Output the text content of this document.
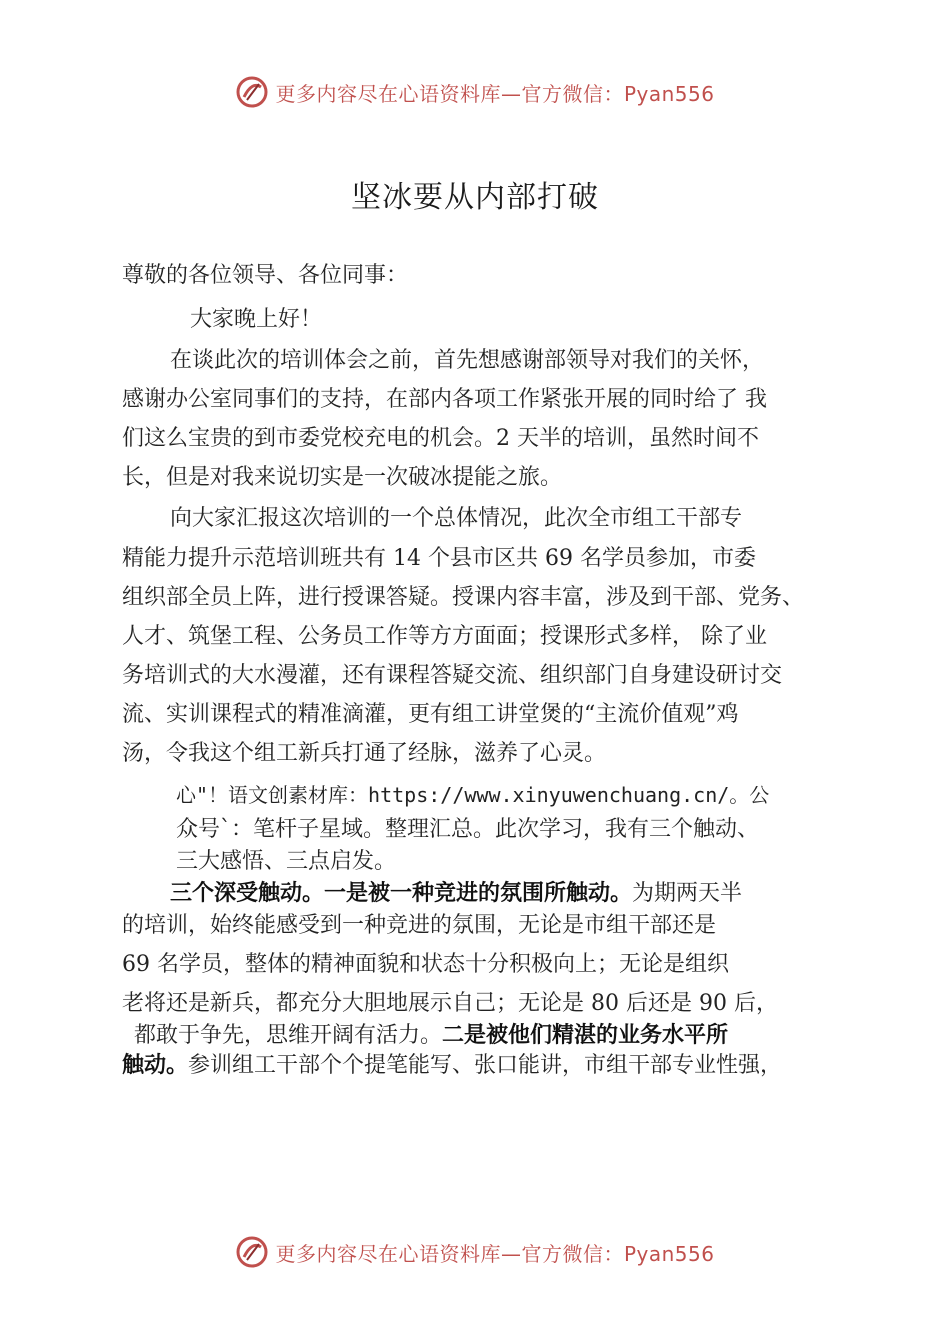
更多内容尽在心语资料库—官方微信：Pyan556
坚冰要从内部打破
尊敬的各位领导、各位同事：
大家晚上好！
在谈此次的培训体会之前，首先想感谢部领导对我们的关怀，
感谢办公室同事们的支持，在部内各项工作紧张开展的同时给了 我
们这么宝贵的到市委党校充电的机会。2 天半的培训，虽然时间不
长，但是对我来说切实是一次破冰提能之旅。
向大家汇报这次培训的一个总体情况，此次全市组工干部专
精能力提升示范培训班共有 14 个县市区共 69 名学员参加，市委
组织部全员上阵，进行授课答疑。授课内容丰富，涉及到干部、党务、
人才、筑堡工程、公务员工作等方方面面；授课形式多样， 除了业
务培训式的大水漫灌，还有课程答疑交流、组织部门自身建设研讨交
流、实训课程式的精准滴灌，更有组工讲堂煲的“主流价值观”鸡
汤，令我这个组工新兵打通了经脉，滋养了心灵。
心"！语文创素材库：https://www.xinyuwenchuang.cn/。公
众号`：笔杆子星域。整理汇总。此次学习，我有三个触动、
三大感悟、三点启发。
三个深受触动。一是被一种竞进的氛围所触动。为期两天半
的培训，始终能感受到一种竞进的氛围，无论是市组干部还是
69 名学员，整体的精神面貌和状态十分积极向上；无论是组织
老将还是新兵，都充分大胆地展示自己；无论是 80 后还是 90 后，
都敢于争先，思维开阔有活力。二是被他们精湛的业务水平所
触动。参训组工干部个个提笔能写、张口能讲，市组干部专业性强，
更多内容尽在心语资料库—官方微信：Pyan556
